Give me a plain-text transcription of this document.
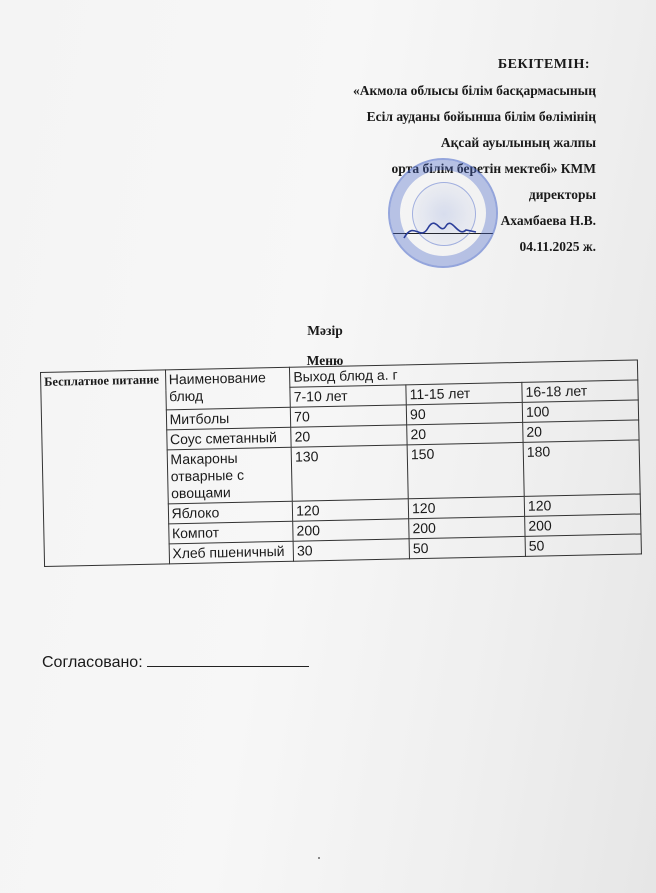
БЕКІТЕМІН:
«Акмола облысы білім басқармасының
Есіл ауданы бойынша білім бөлімінің
Ақсай ауылының жалпы
орта білім беретін мектебі» КММ
директоры
Ахамбаева Н.В.
04.11.2025 ж.
Мәзір
Меню
Бесплатное питание	Наименование блюд	Выход блюд а. г		
		7-10 лет	11-15 лет	16-18 лет
	Митболы	70	90	100
	Соус сметанный	20	20	20
	Макароны отварные с овощами	130	150	180
	Яблоко	120	120	120
	Компот	200	200	200
	Хлеб пшеничный	30	50	50
Согласовано:
